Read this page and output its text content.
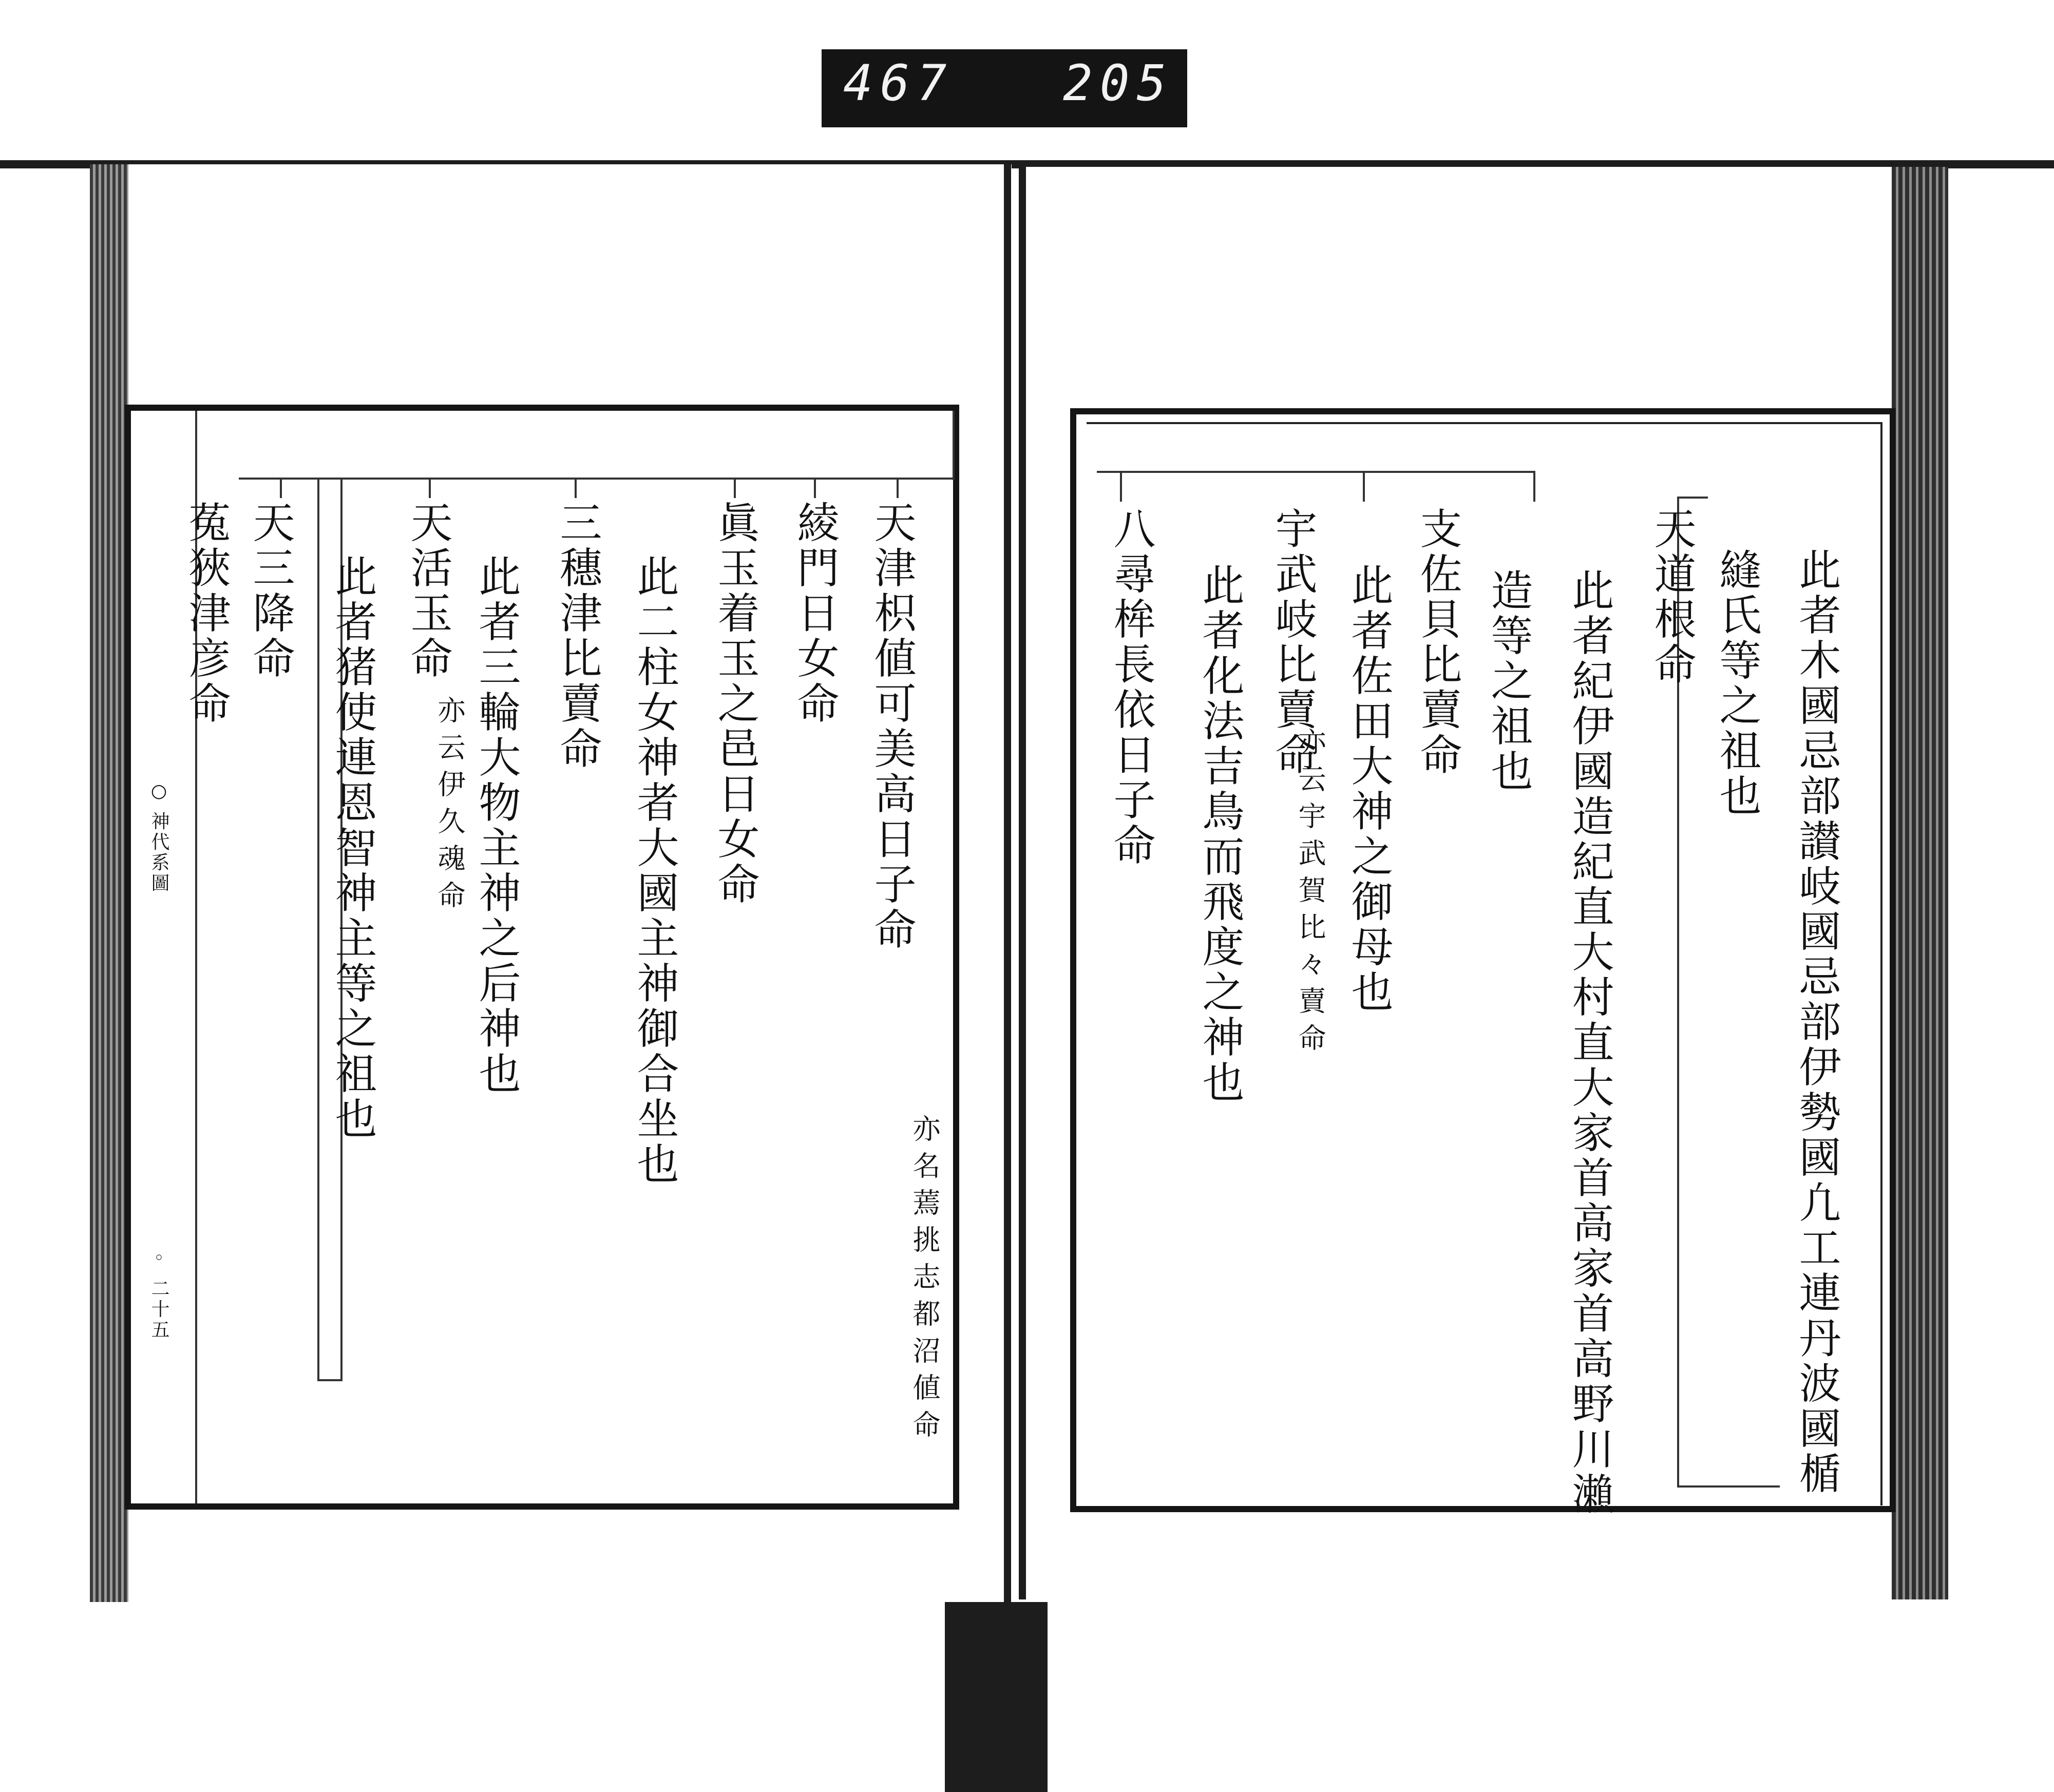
467 205
天津枳値可美高日子命
亦名蔫挑志都沼値命
綾門日女命
眞玉着玉之邑日女命
此二柱女神者大國主神御合坐也
三穗津比賣命
此者三輪大物主神之后神也
天活玉命
亦云伊久魂命
此者猪使連恩智神主等之祖也
天三降命
菟狹津彦命
○ 神代系圖
◦ 二十五	此者木國忌部讃岐國忌部伊勢國凢工連丹波國楯
縫氏等之祖也
天道根命
此者紀伊國造紀直大村直大家首高家首高野川瀨
造等之祖也
支佐貝比賣命
此者佐田大神之御母也
宇武岐比賣命
亦云宇武賀比々賣命
此者化法吉鳥而飛度之神也
八尋桙長依日子命
